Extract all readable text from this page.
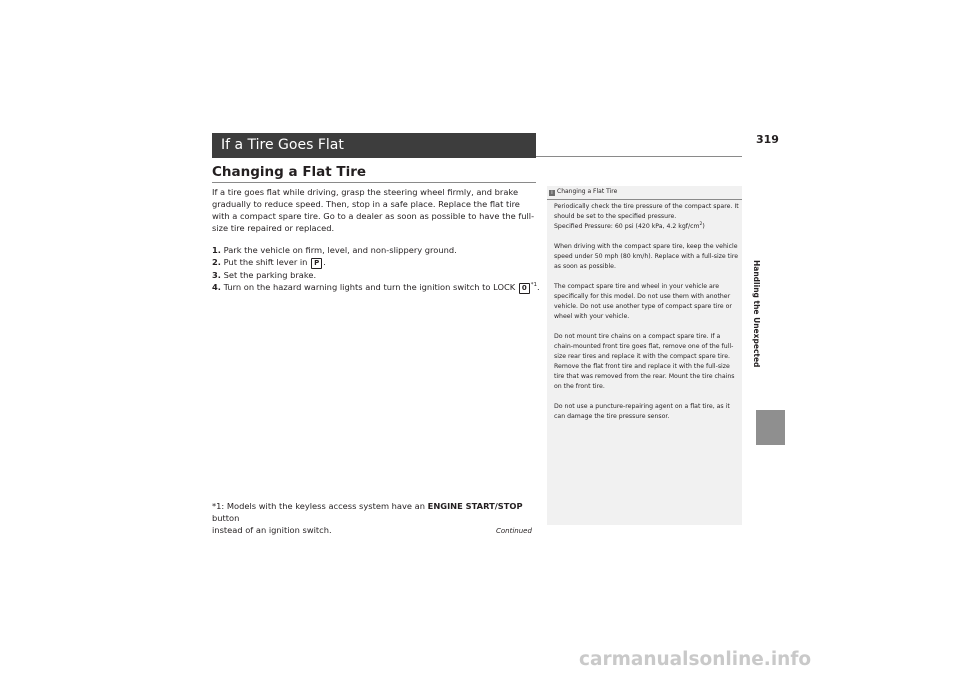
319
If a Tire Goes Flat
Changing a Flat Tire

If a tire goes flat while driving, grasp the steering wheel firmly, and brake gradually to reduce speed. Then, stop in a safe place. Replace the flat tire with a compact spare tire. Go to a dealer as soon as possible to have the full-size tire repaired or replaced.

1. Park the vehicle on firm, level, and non-slippery ground.

2. Put the shift lever in P .

3. Set the parking brake.

4. Turn on the hazard warning lights and turn the ignition switch to LOCK 0 $^{*1}$.

*1: Models with the keyless access system have an ENGINE START/STOP button

instead of an ignition switch.	Continued
i Changing a Flat Tire

Periodically check the tire pressure of the compact spare. It should be set to the specified pressure.
Specified Pressure: 60 psi (420 kPa, 4.2 kgf/$cm^2$)

When driving with the compact spare tire, keep the vehicle speed under 50 mph (80 km/h). Replace with a full-size tire as soon as possible.

The compact spare tire and wheel in your vehicle are specifically for this model. Do not use them with another vehicle. Do not use another type of compact spare tire or wheel with your vehicle.

Do not mount tire chains on a compact spare tire. If a chain-mounted front tire goes flat, remove one of the full-size rear tires and replace it with the compact spare tire. Remove the flat front tire and replace it with the full-size tire that was removed from the rear. Mount the tire chains on the front tire.

Do not use a puncture-repairing agent on a flat tire, as it can damage the tire pressure sensor.

Handling the Unexpected
carmanualsonline.info
